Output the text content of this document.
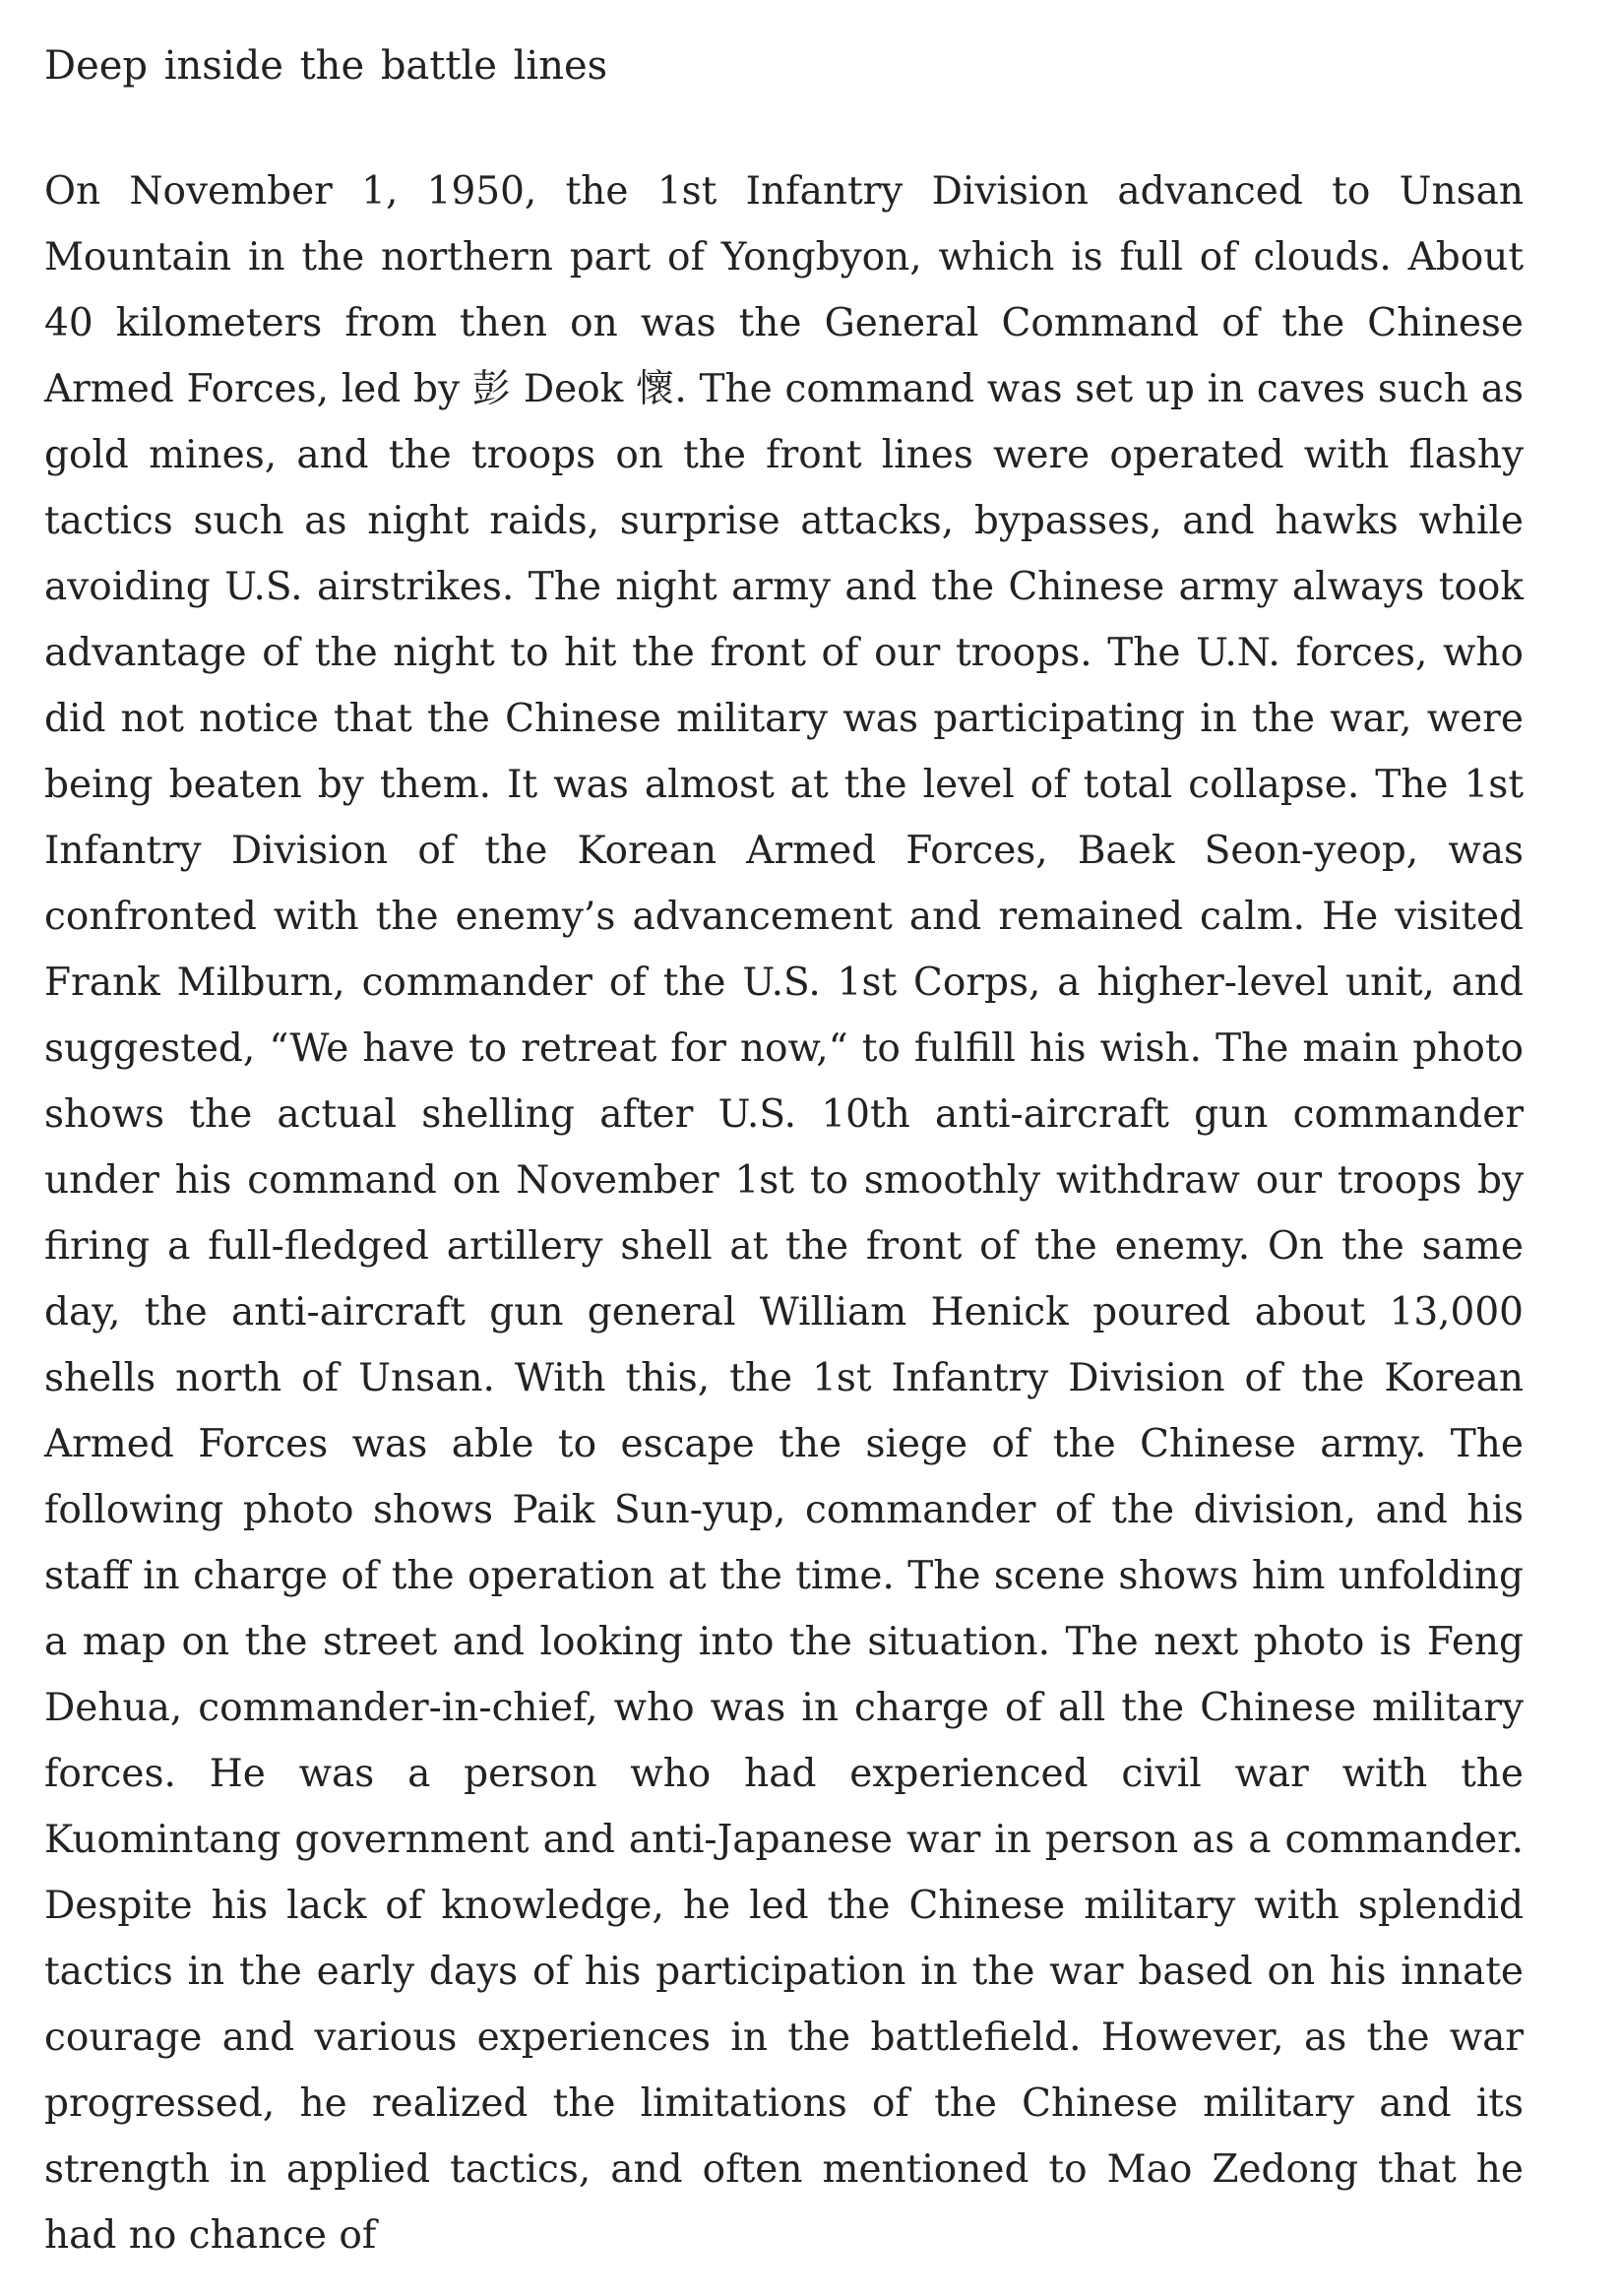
Deep inside the battle lines

On November 1, 1950, the 1st Infantry Division advanced to Unsan Mountain in the northern part of Yongbyon, which is full of clouds. About 40 kilometers from then on was the General Command of the Chinese Armed Forces, led by 彭 Deok 懷. The command was set up in caves such as gold mines, and the troops on the front lines were operated with flashy tactics such as night raids, surprise attacks, bypasses, and hawks while avoiding U.S. airstrikes. The night army and the Chinese army always took advantage of the night to hit the front of our troops. The U.N. forces, who did not notice that the Chinese military was participating in the war, were being beaten by them. It was almost at the level of total collapse. The 1st Infantry Division of the Korean Armed Forces, Baek Seon-yeop, was confronted with the enemy’s advancement and remained calm. He visited Frank Milburn, commander of the U.S. 1st Corps, a higher-level unit, and suggested, “We have to retreat for now,“ to fulfill his wish. The main photo shows the actual shelling after U.S. 10th anti-aircraft gun commander under his command on November 1st to smoothly withdraw our troops by firing a full-fledged artillery shell at the front of the enemy. On the same day, the anti-aircraft gun general William Henick poured about 13,000 shells north of Unsan. With this, the 1st Infantry Division of the Korean Armed Forces was able to escape the siege of the Chinese army. The following photo shows Paik Sun-yup, commander of the division, and his staff in charge of the operation at the time. The scene shows him unfolding a map on the street and looking into the situation. The next photo is Feng Dehua, commander-in-chief, who was in charge of all the Chinese military forces. He was a person who had experienced civil war with the Kuomintang government and anti-Japanese war in person as a commander. Despite his lack of knowledge, he led the Chinese military with splendid tactics in the early days of his participation in the war based on his innate courage and various experiences in the battlefield. However, as the war progressed, he realized the limitations of the Chinese military and its strength in applied tactics, and often mentioned to Mao Zedong that he had no chance of
